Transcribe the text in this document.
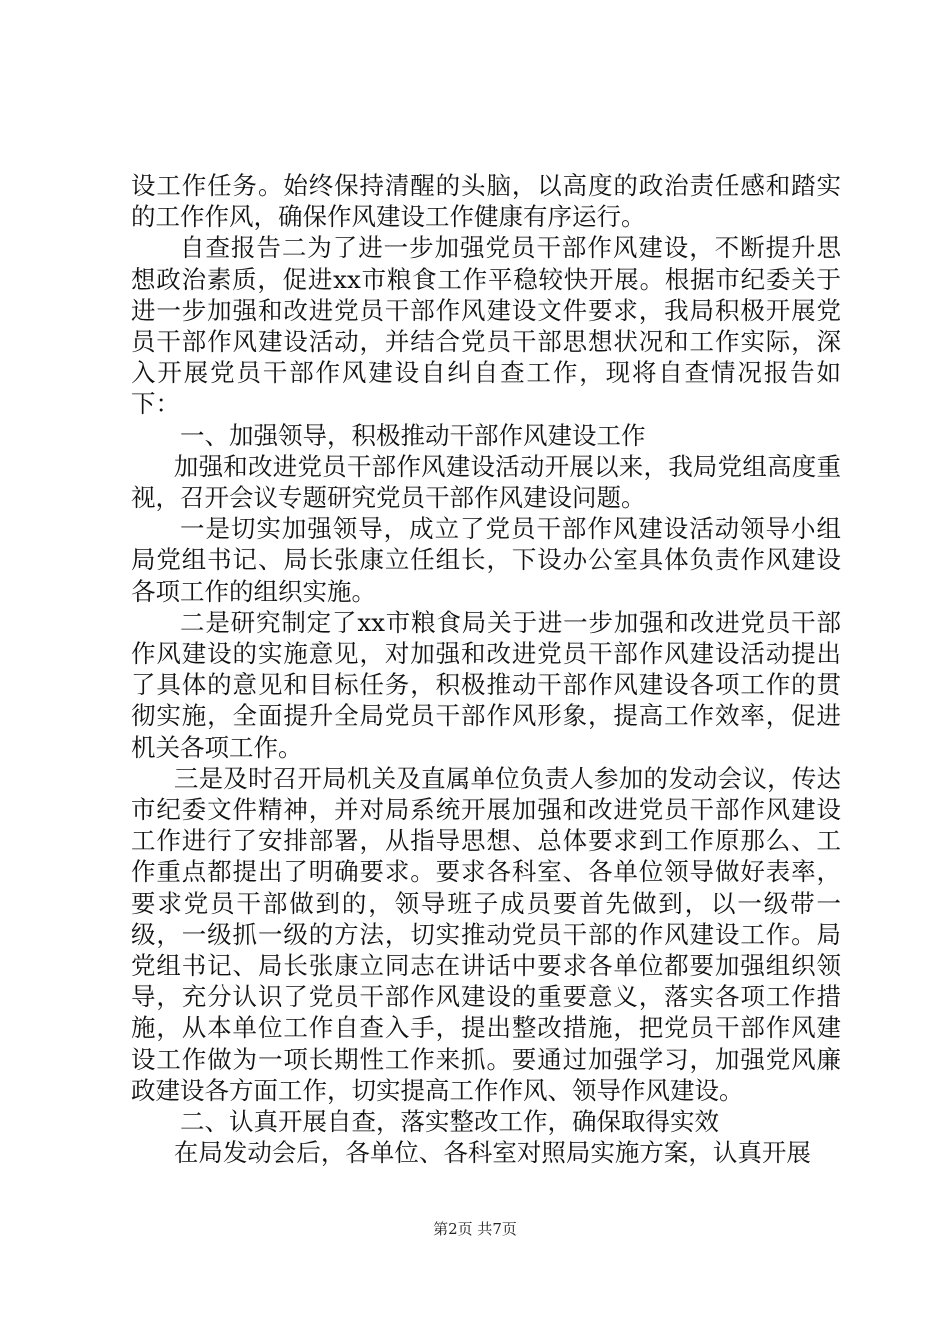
设工作任务。始终保持清醒的头脑，以高度的政治责任感和踏实的工作作风，确保作风建设工作健康有序运行。

自查报告二为了进一步加强党员干部作风建设，不断提升思想政治素质，促进xx市粮食工作平稳较快开展。根据市纪委关于进一步加强和改进党员干部作风建设文件要求，我局积极开展党员干部作风建设活动，并结合党员干部思想状况和工作实际，深入开展党员干部作风建设自纠自查工作，现将自查情况报告如下：

一、加强领导，积极推动干部作风建设工作

加强和改进党员干部作风建设活动开展以来，我局党组高度重视，召开会议专题研究党员干部作风建设问题。

一是切实加强领导，成立了党员干部作风建设活动领导小组局党组书记、局长张康立任组长，下设办公室具体负责作风建设各项工作的组织实施。

二是研究制定了xx市粮食局关于进一步加强和改进党员干部作风建设的实施意见，对加强和改进党员干部作风建设活动提出了具体的意见和目标任务，积极推动干部作风建设各项工作的贯彻实施，全面提升全局党员干部作风形象，提高工作效率，促进机关各项工作。

三是及时召开局机关及直属单位负责人参加的发动会议，传达市纪委文件精神，并对局系统开展加强和改进党员干部作风建设工作进行了安排部署，从指导思想、总体要求到工作原那么、工作重点都提出了明确要求。要求各科室、各单位领导做好表率，要求党员干部做到的，领导班子成员要首先做到，以一级带一级，一级抓一级的方法，切实推动党员干部的作风建设工作。局党组书记、局长张康立同志在讲话中要求各单位都要加强组织领导，充分认识了党员干部作风建设的重要意义，落实各项工作措施，从本单位工作自查入手，提出整改措施，把党员干部作风建设工作做为一项长期性工作来抓。要通过加强学习，加强党风廉政建设各方面工作，切实提高工作作风、领导作风建设。

二、认真开展自查，落实整改工作，确保取得实效

在局发动会后，各单位、各科室对照局实施方案，认真开展

第2页 共7页
